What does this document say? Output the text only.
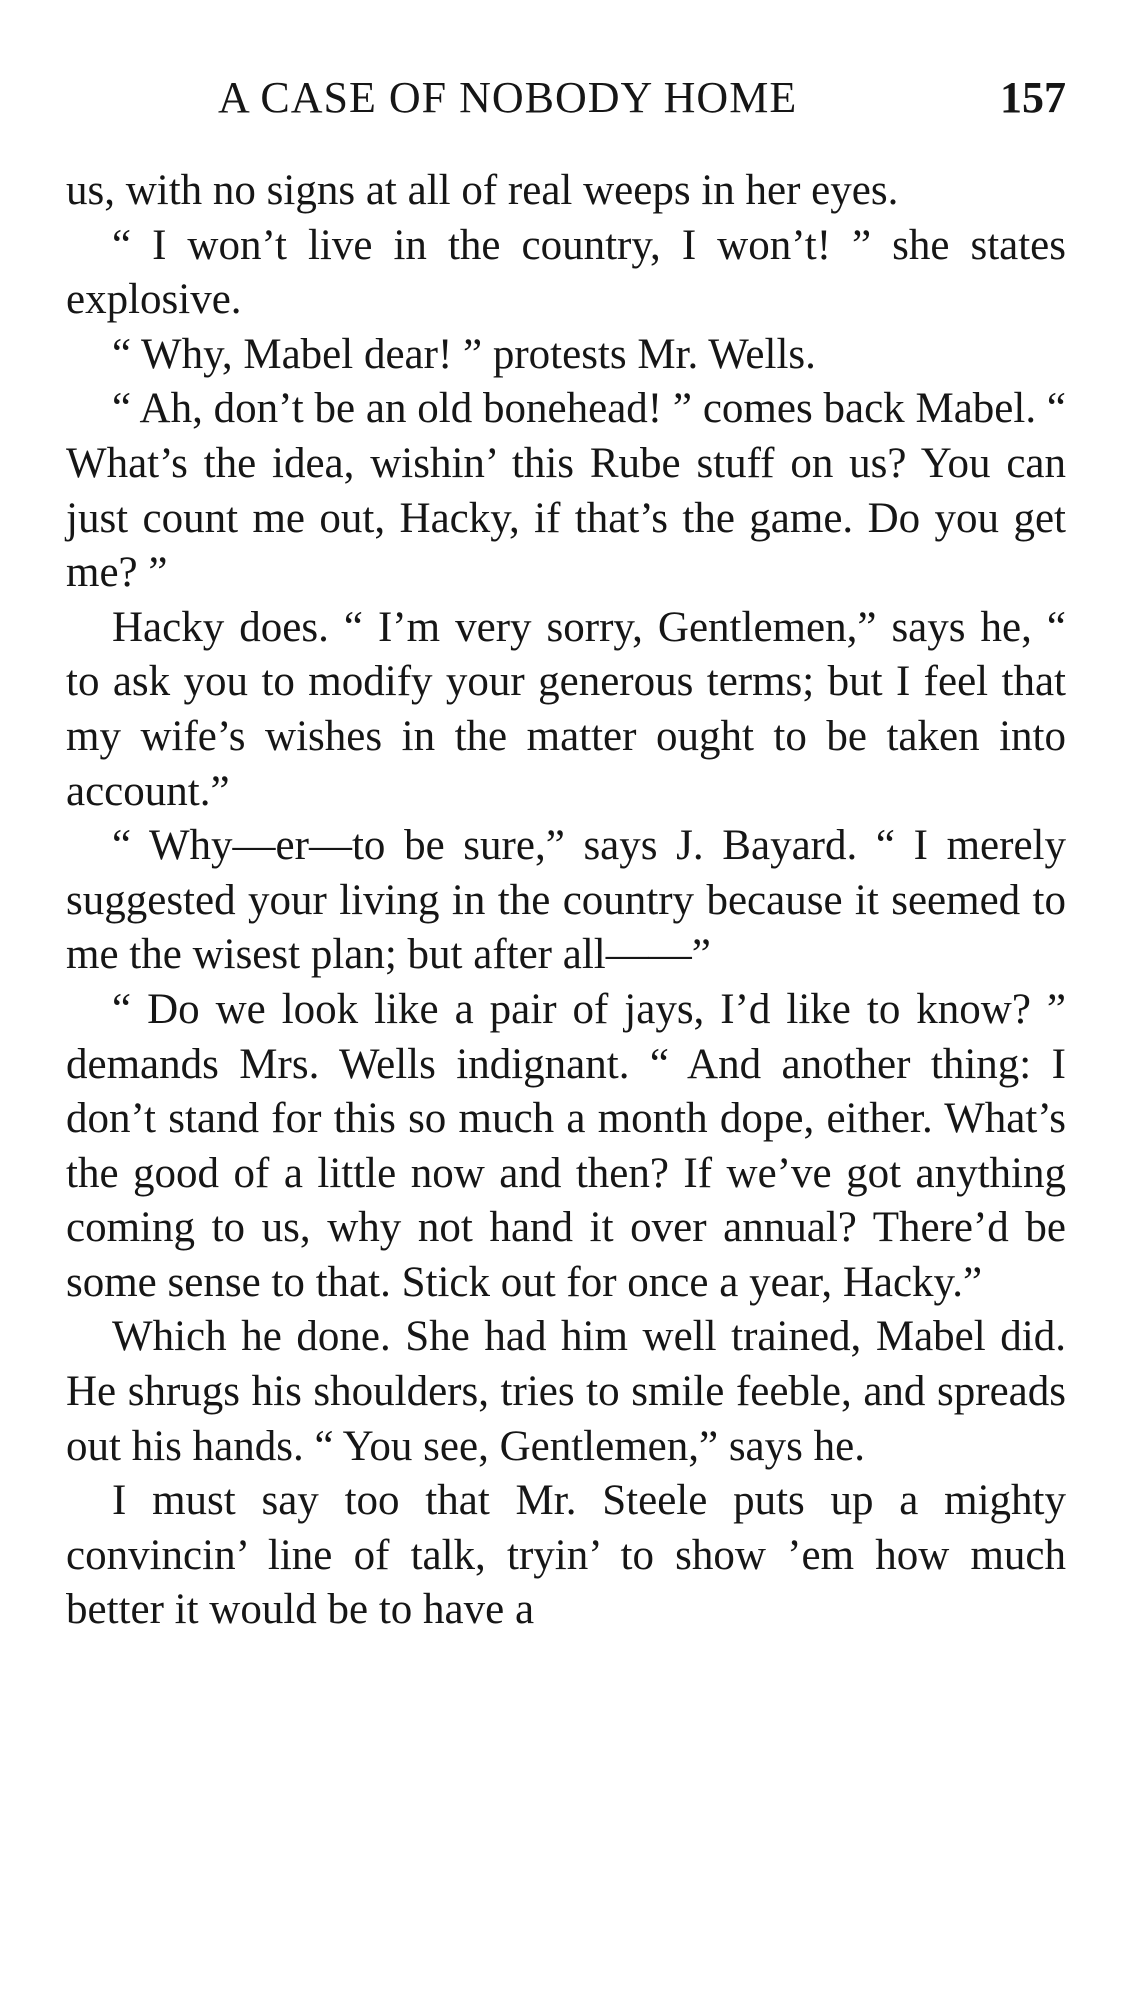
A CASE OF NOBODY HOME	157

us, with no signs at all of real weeps in her eyes.

“ I won’t live in the country, I won’t! ” she states explosive.

“ Why, Mabel dear! ” protests Mr. Wells.

“ Ah, don’t be an old bonehead! ” comes back Mabel. “ What’s the idea, wishin’ this Rube stuff on us? You can just count me out, Hacky, if that’s the game. Do you get me? ”

Hacky does. “ I’m very sorry, Gentlemen,” says he, “ to ask you to modify your generous terms; but I feel that my wife’s wishes in the matter ought to be taken into account.”

“ Why—er—to be sure,” says J. Bayard. “ I merely suggested your living in the country because it seemed to me the wisest plan; but after all——”

“ Do we look like a pair of jays, I’d like to know? ” demands Mrs. Wells indignant. “ And another thing: I don’t stand for this so much a month dope, either. What’s the good of a little now and then? If we’ve got anything coming to us, why not hand it over annual? There’d be some sense to that. Stick out for once a year, Hacky.”

Which he done. She had him well trained, Mabel did. He shrugs his shoulders, tries to smile feeble, and spreads out his hands. “ You see, Gentlemen,” says he.

I must say too that Mr. Steele puts up a mighty convincin’ line of talk, tryin’ to show ’em how much better it would be to have a
